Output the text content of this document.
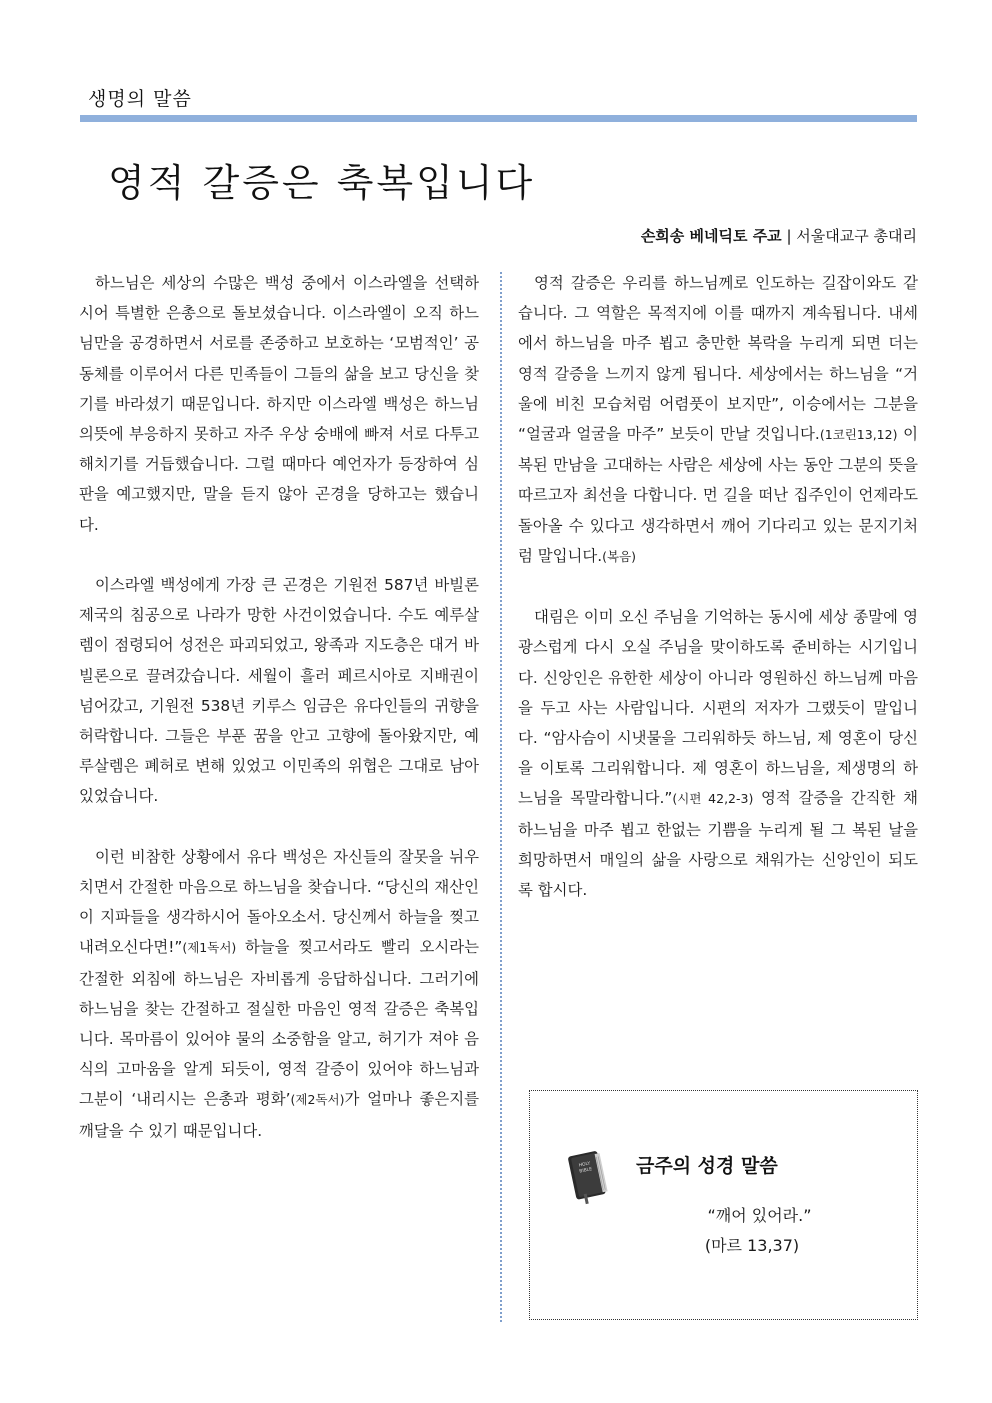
생명의 말씀
영적 갈증은 축복입니다
손희송 베네딕토 주교 | 서울대교구 총대리

하느님은 세상의 수많은 백성 중에서 이스라엘을 선택하시어 특별한 은총으로 돌보셨습니다. 이스라엘이 오직 하느님만을 공경하면서 서로를 존중하고 보호하는 ‘모범적인’ 공동체를 이루어서 다른 민족들이 그들의 삶을 보고 당신을 찾기를 바라셨기 때문입니다. 하지만 이스라엘 백성은 하느님의뜻에 부응하지 못하고 자주 우상 숭배에 빠져 서로 다투고 해치기를 거듭했습니다. 그럴 때마다 예언자가 등장하여 심판을 예고했지만, 말을 듣지 않아 곤경을 당하고는 했습니다.

이스라엘 백성에게 가장 큰 곤경은 기원전 587년 바빌론 제국의 침공으로 나라가 망한 사건이었습니다. 수도 예루살렘이 점령되어 성전은 파괴되었고, 왕족과 지도층은 대거 바빌론으로 끌려갔습니다. 세월이 흘러 페르시아로 지배권이 넘어갔고, 기원전 538년 키루스 임금은 유다인들의 귀향을 허락합니다. 그들은 부푼 꿈을 안고 고향에 돌아왔지만, 예루살렘은 폐허로 변해 있었고 이민족의 위협은 그대로 남아 있었습니다.

이런 비참한 상황에서 유다 백성은 자신들의 잘못을 뉘우치면서 간절한 마음으로 하느님을 찾습니다. “당신의 재산인 이 지파들을 생각하시어 돌아오소서. 당신께서 하늘을 찢고 내려오신다면!”(제1독서) 하늘을 찢고서라도 빨리 오시라는 간절한 외침에 하느님은 자비롭게 응답하십니다. 그러기에 하느님을 찾는 간절하고 절실한 마음인 영적 갈증은 축복입니다. 목마름이 있어야 물의 소중함을 알고, 허기가 져야 음식의 고마움을 알게 되듯이, 영적 갈증이 있어야 하느님과 그분이 ‘내리시는 은총과 평화’(제2독서)가 얼마나 좋은지를 깨달을 수 있기 때문입니다.

영적 갈증은 우리를 하느님께로 인도하는 길잡이와도 같습니다. 그 역할은 목적지에 이를 때까지 계속됩니다. 내세에서 하느님을 마주 뵙고 충만한 복락을 누리게 되면 더는 영적 갈증을 느끼지 않게 됩니다. 세상에서는 하느님을 “거울에 비친 모습처럼 어렴풋이 보지만”, 이승에서는 그분을 “얼굴과 얼굴을 마주” 보듯이 만날 것입니다.(1코린13,12) 이 복된 만남을 고대하는 사람은 세상에 사는 동안 그분의 뜻을 따르고자 최선을 다합니다. 먼 길을 떠난 집주인이 언제라도 돌아올 수 있다고 생각하면서 깨어 기다리고 있는 문지기처럼 말입니다.(복음)

대림은 이미 오신 주님을 기억하는 동시에 세상 종말에 영광스럽게 다시 오실 주님을 맞이하도록 준비하는 시기입니다. 신앙인은 유한한 세상이 아니라 영원하신 하느님께 마음을 두고 사는 사람입니다. 시편의 저자가 그랬듯이 말입니다. “암사슴이 시냇물을 그리워하듯 하느님, 제 영혼이 당신을 이토록 그리워합니다. 제 영혼이 하느님을, 제생명의 하느님을 목말라합니다.”(시편 42,2-3) 영적 갈증을 간직한 채 하느님을 마주 뵙고 한없는 기쁨을 누리게 될 그 복된 날을 희망하면서 매일의 삶을 사랑으로 채워가는 신앙인이 되도록 합시다.

HOLY
BIBLE 금주의 성경 말씀
“깨어 있어라.”
(마르 13,37)
